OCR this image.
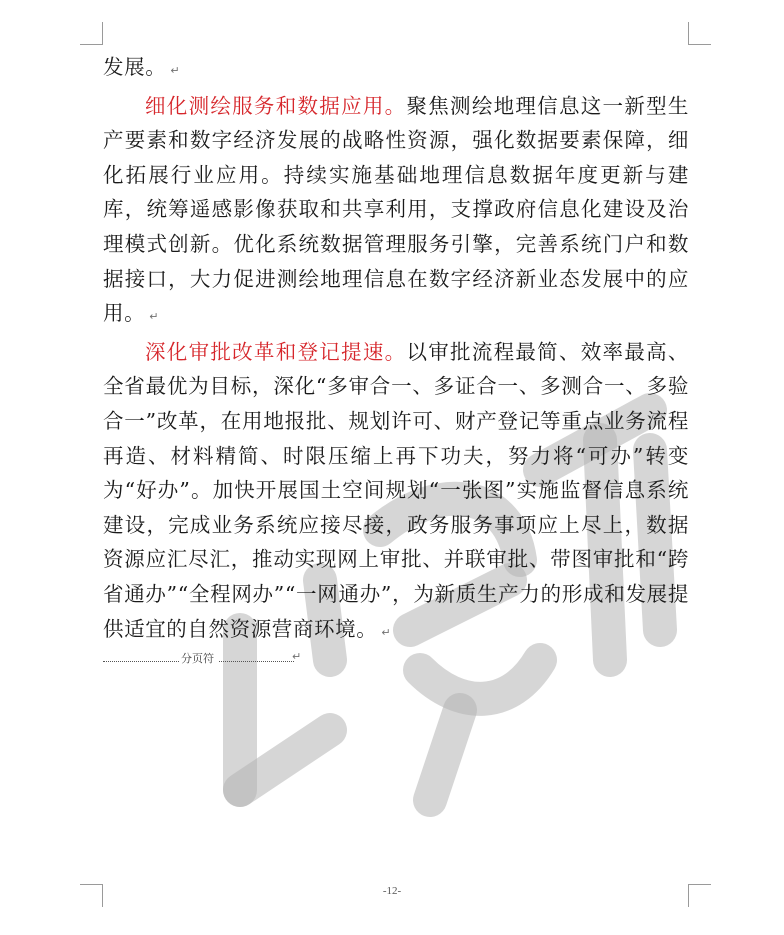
发展。 ↵

细化测绘服务和数据应用。聚焦测绘地理信息这一新型生产要素和数字经济发展的战略性资源，强化数据要素保障，细化拓展行业应用。持续实施基础地理信息数据年度更新与建库，统筹遥感影像获取和共享利用，支撑政府信息化建设及治理模式创新。优化系统数据管理服务引擎，完善系统门户和数据接口，大力促进测绘地理信息在数字经济新业态发展中的应用。 ↵

深化审批改革和登记提速。以审批流程最简、效率最高、全省最优为目标，深化“多审合一、多证合一、多测合一、多验合一”改革，在用地报批、规划许可、财产登记等重点业务流程再造、材料精简、时限压缩上再下功夫，努力将“可办”转变为“好办”。加快开展国土空间规划“一张图”实施监督信息系统建设，完成业务系统应接尽接，政务服务事项应上尽上，数据资源应汇尽汇，推动实现网上审批、并联审批、带图审批和“跨省通办”“全程网办”“一网通办”，为新质生产力的形成和发展提供适宜的自然资源营商环境。 ↵

分页符	↵
-12-
